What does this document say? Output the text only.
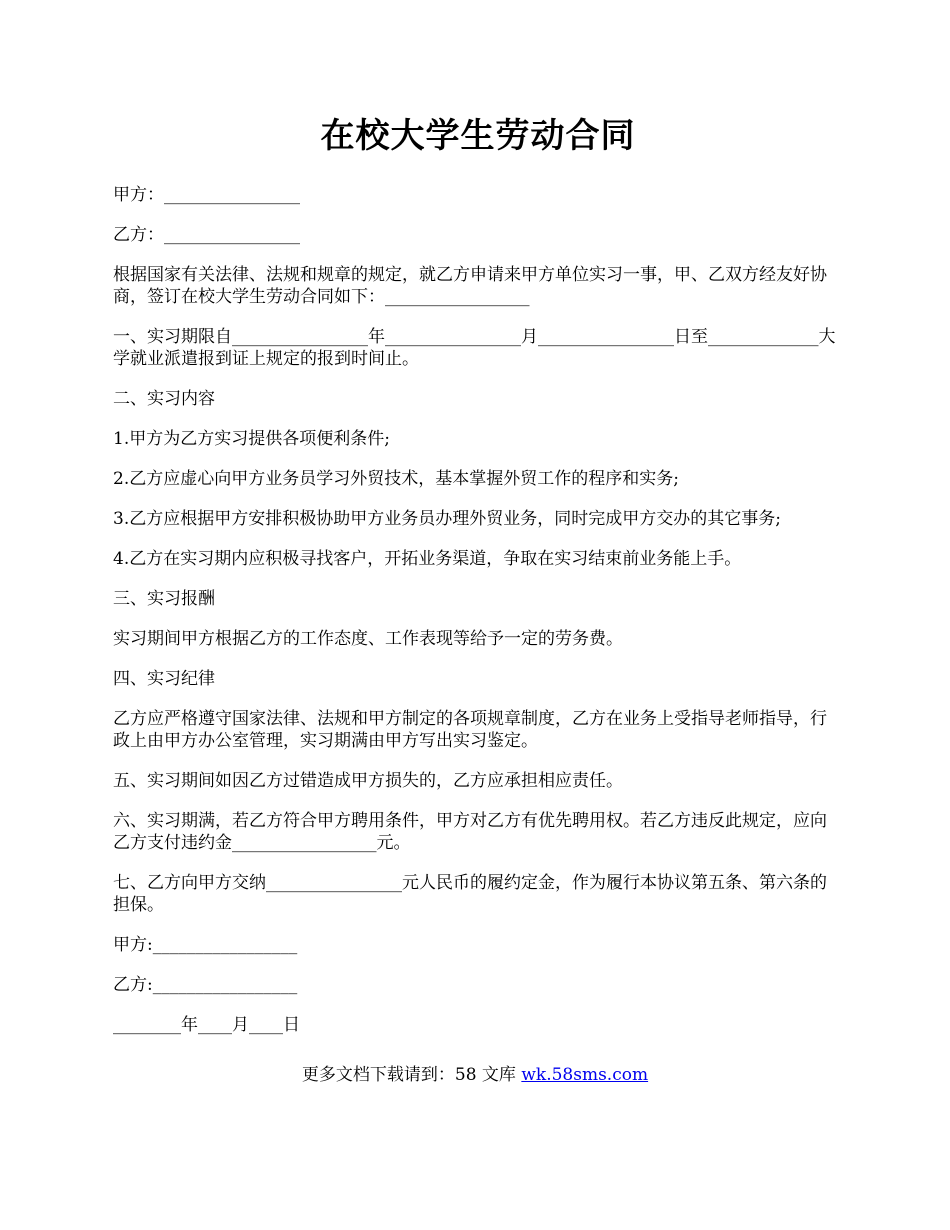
在校大学生劳动合同

甲方：________________

乙方：________________

根据国家有关法律、法规和规章的规定，就乙方申请来甲方单位实习一事，甲、乙双方经友好协商，签订在校大学生劳动合同如下：_________________

一、实习期限自________________年________________月________________日至_____________大学就业派遣报到证上规定的报到时间止。

二、实习内容

1.甲方为乙方实习提供各项便利条件;

2.乙方应虚心向甲方业务员学习外贸技术，基本掌握外贸工作的程序和实务;

3.乙方应根据甲方安排积极协助甲方业务员办理外贸业务，同时完成甲方交办的其它事务;

4.乙方在实习期内应积极寻找客户，开拓业务渠道，争取在实习结束前业务能上手。

三、实习报酬

实习期间甲方根据乙方的工作态度、工作表现等给予一定的劳务费。

四、实习纪律

乙方应严格遵守国家法律、法规和甲方制定的各项规章制度，乙方在业务上受指导老师指导，行政上由甲方办公室管理，实习期满由甲方写出实习鉴定。

五、实习期间如因乙方过错造成甲方损失的，乙方应承担相应责任。

六、实习期满，若乙方符合甲方聘用条件，甲方对乙方有优先聘用权。若乙方违反此规定，应向乙方支付违约金_________________元。

七、乙方向甲方交纳________________元人民币的履约定金，作为履行本协议第五条、第六条的担保。

甲方:_________________

乙方:_________________

________年____月____日

更多文档下载请到：58 文库 wk.58sms.com
